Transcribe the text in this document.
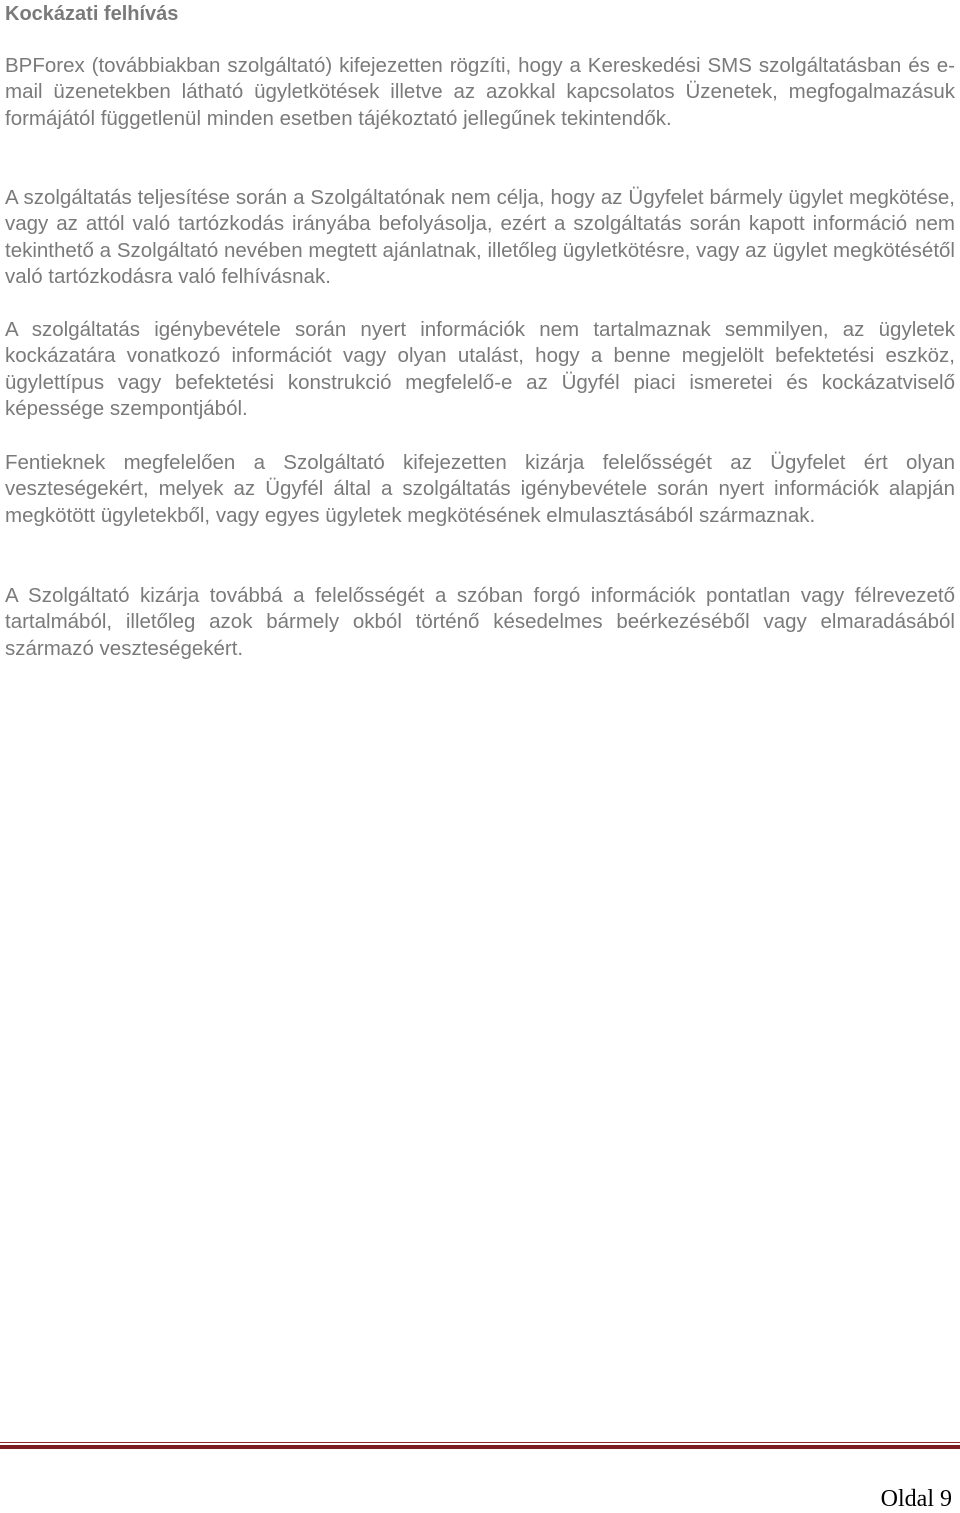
Kockázati felhívás

BPForex (továbbiakban szolgáltató) kifejezetten rögzíti, hogy a Kereskedési SMS szolgáltatásban és e-mail üzenetekben látható ügyletkötések illetve az azokkal kapcsolatos Üzenetek, megfogalmazásuk formájától függetlenül minden esetben tájékoztató jellegűnek tekintendők.

A szolgáltatás teljesítése során a Szolgáltatónak nem célja, hogy az Ügyfelet bármely ügylet megkötése, vagy az attól való tartózkodás irányába befolyásolja, ezért a szolgáltatás során kapott információ nem tekinthető a Szolgáltató nevében megtett ajánlatnak, illetőleg ügyletkötésre, vagy az ügylet megkötésétől való tartózkodásra való felhívásnak.

A szolgáltatás igénybevétele során nyert információk nem tartalmaznak semmilyen, az ügyletek kockázatára vonatkozó információt vagy olyan utalást, hogy a benne megjelölt befektetési eszköz, ügylettípus vagy befektetési konstrukció megfelelő-e az Ügyfél piaci ismeretei és kockázatviselő képessége szempontjából.

Fentieknek megfelelően a Szolgáltató kifejezetten kizárja felelősségét az Ügyfelet ért olyan veszteségekért, melyek az Ügyfél által a szolgáltatás igénybevétele során nyert információk alapján megkötött ügyletekből, vagy egyes ügyletek megkötésének elmulasztásából származnak.

A Szolgáltató kizárja továbbá a felelősségét a szóban forgó információk pontatlan vagy félrevezető tartalmából, illetőleg azok bármely okból történő késedelmes beérkezéséből vagy elmaradásából származó veszteségekért.

Oldal 9
